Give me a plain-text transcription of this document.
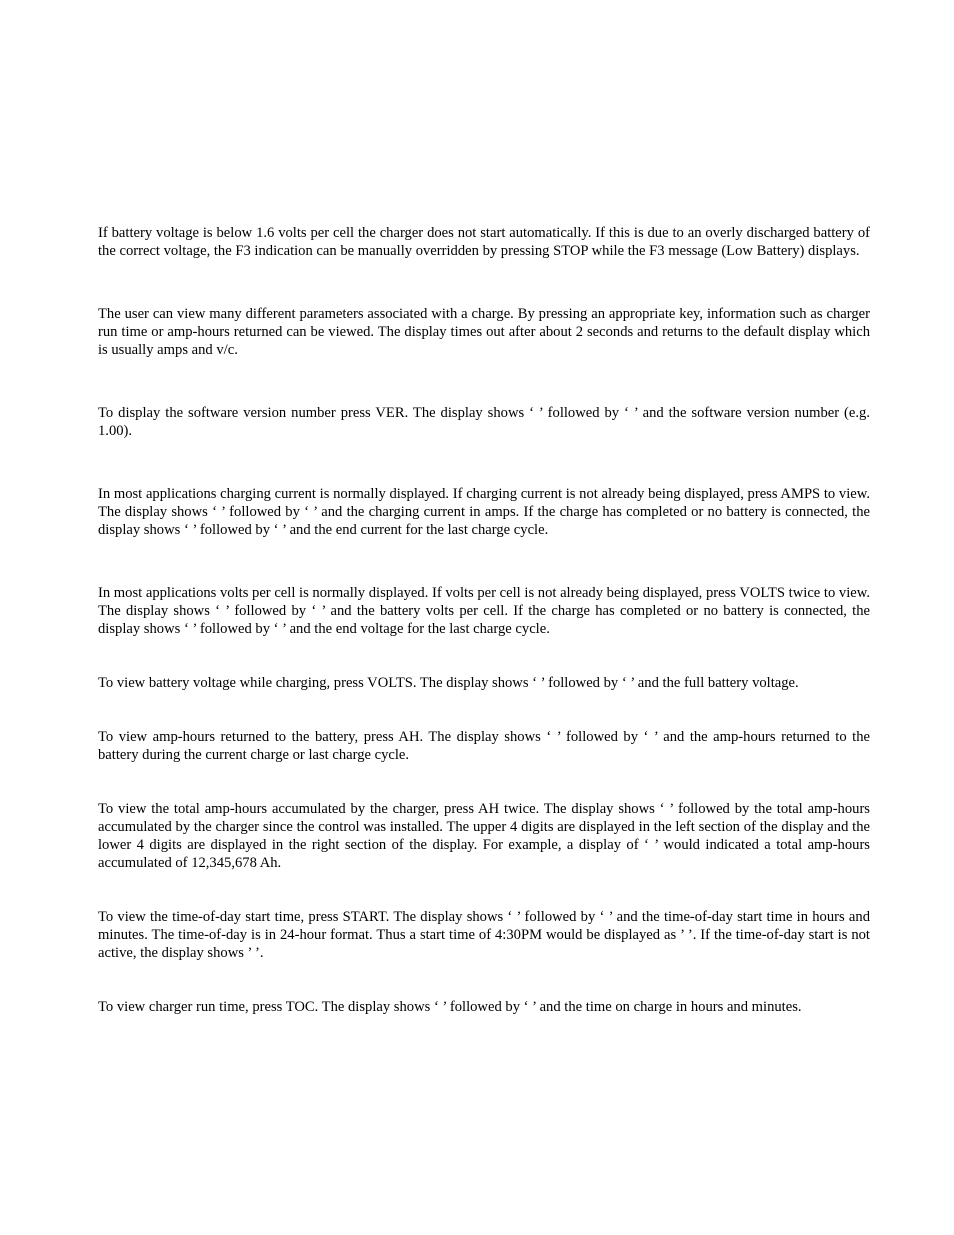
If battery voltage is below 1.6 volts per cell the charger does not start automatically. If this is due to an overly discharged battery of the correct voltage, the F3 indication can be manually overridden by pressing STOP while the F3 message (Low Battery) displays.

The user can view many different parameters associated with a charge. By pressing an appropriate key, information such as charger run time or amp-hours returned can be viewed. The display times out after about 2 seconds and returns to the default display which is usually amps and v/c.

To display the software version number press VER. The display shows ‘ ’ followed by ‘ ’ and the software version number (e.g. 1.00).

In most applications charging current is normally displayed. If charging current is not already being displayed, press AMPS to view. The display shows ‘ ’ followed by ‘ ’ and the charging current in amps. If the charge has completed or no battery is connected, the display shows ‘ ’ followed by ‘ ’ and the end current for the last charge cycle.

In most applications volts per cell is normally displayed. If volts per cell is not already being displayed, press VOLTS twice to view. The display shows ‘ ’ followed by ‘ ’ and the battery volts per cell. If the charge has completed or no battery is connected, the display shows ‘ ’ followed by ‘ ’ and the end voltage for the last charge cycle.

To view battery voltage while charging, press VOLTS. The display shows ‘ ’ followed by ‘ ’ and the full battery voltage.

To view amp-hours returned to the battery, press AH. The display shows ‘ ’ followed by ‘ ’ and the amp-hours returned to the battery during the current charge or last charge cycle.

To view the total amp-hours accumulated by the charger, press AH twice. The display shows ‘ ’ followed by the total amp-hours accumulated by the charger since the control was installed. The upper 4 digits are displayed in the left section of the display and the lower 4 digits are displayed in the right section of the display. For example, a display of ‘ ’ would indicated a total amp-hours accumulated of 12,345,678 Ah.

To view the time-of-day start time, press START. The display shows ‘ ’ followed by ‘ ’ and the time-of-day start time in hours and minutes. The time-of-day is in 24-hour format. Thus a start time of 4:30PM would be displayed as ’ ’. If the time-of-day start is not active, the display shows ’ ’.

To view charger run time, press TOC. The display shows ‘ ’ followed by ‘ ’ and the time on charge in hours and minutes.
